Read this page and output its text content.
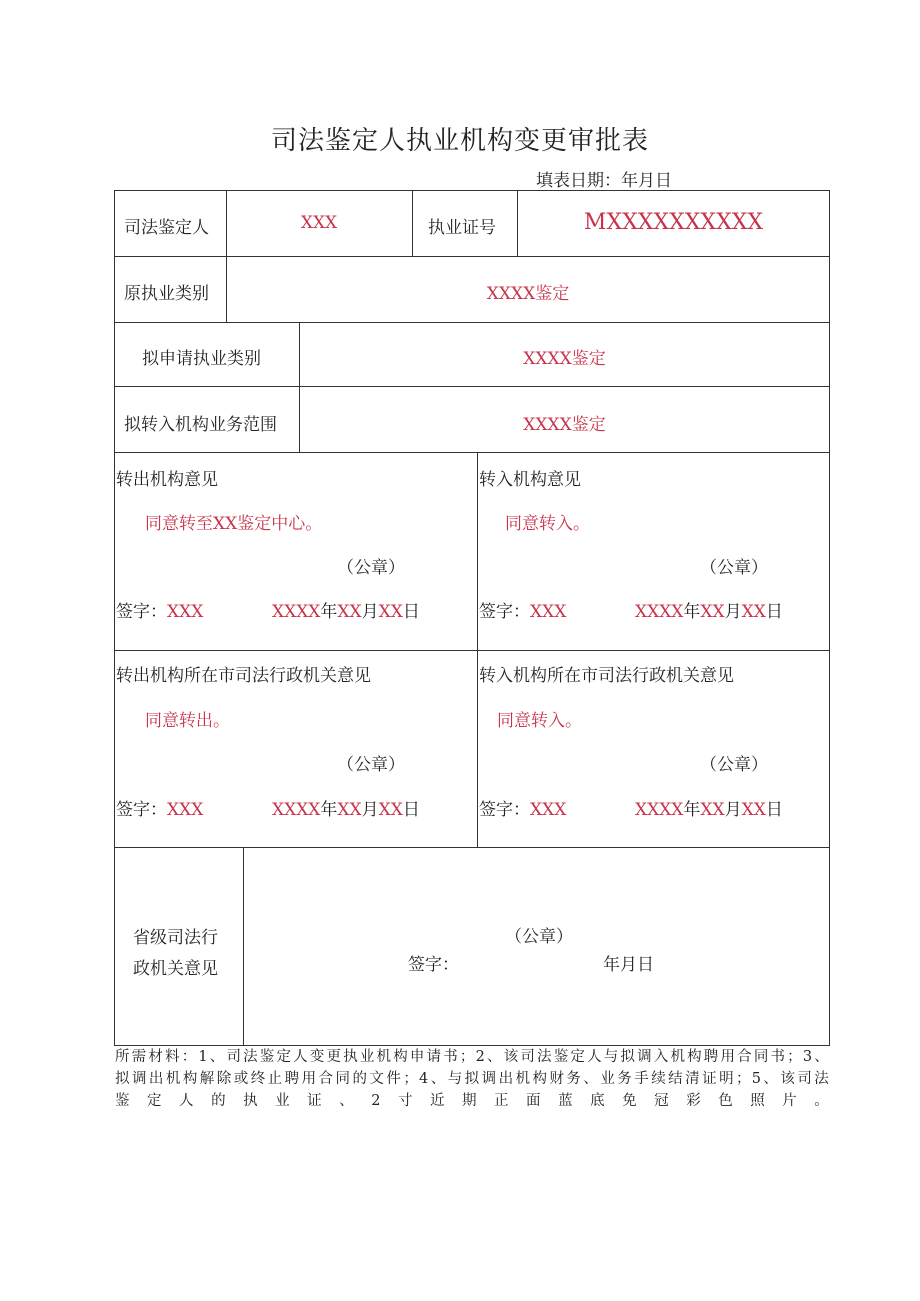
司法鉴定人执业机构变更审批表
填表日期：年月日
司法鉴定人	XXX	执业证号	MXXXXXXXXXX
原执业类别	XXXX鉴定
拟申请执业类别	XXXX鉴定
拟转入机构业务范围	XXXX鉴定
转出机构意见
同意转至XX鉴定中心。
（公章）
签字：XXX	XXXX年XX月XX日
转入机构意见
同意转入。
（公章）
签字：XXX	XXXX年XX月XX日
转出机构所在市司法行政机关意见
同意转出。
（公章）
签字：XXX	XXXX年XX月XX日
转入机构所在市司法行政机关意见
同意转入。
（公章）
签字：XXX	XXXX年XX月XX日
省级司法行
政机关意见
（公章）
签字：	年月日
所需材料：1、司法鉴定人变更执业机构申请书；2、该司法鉴定人与拟调入机构聘用合同书；3、
拟调出机构解除或终止聘用合同的文件；4、与拟调出机构财务、业务手续结清证明；5、该司法
鉴定人的执业证、2寸近期正面蓝底免冠彩色照片。
